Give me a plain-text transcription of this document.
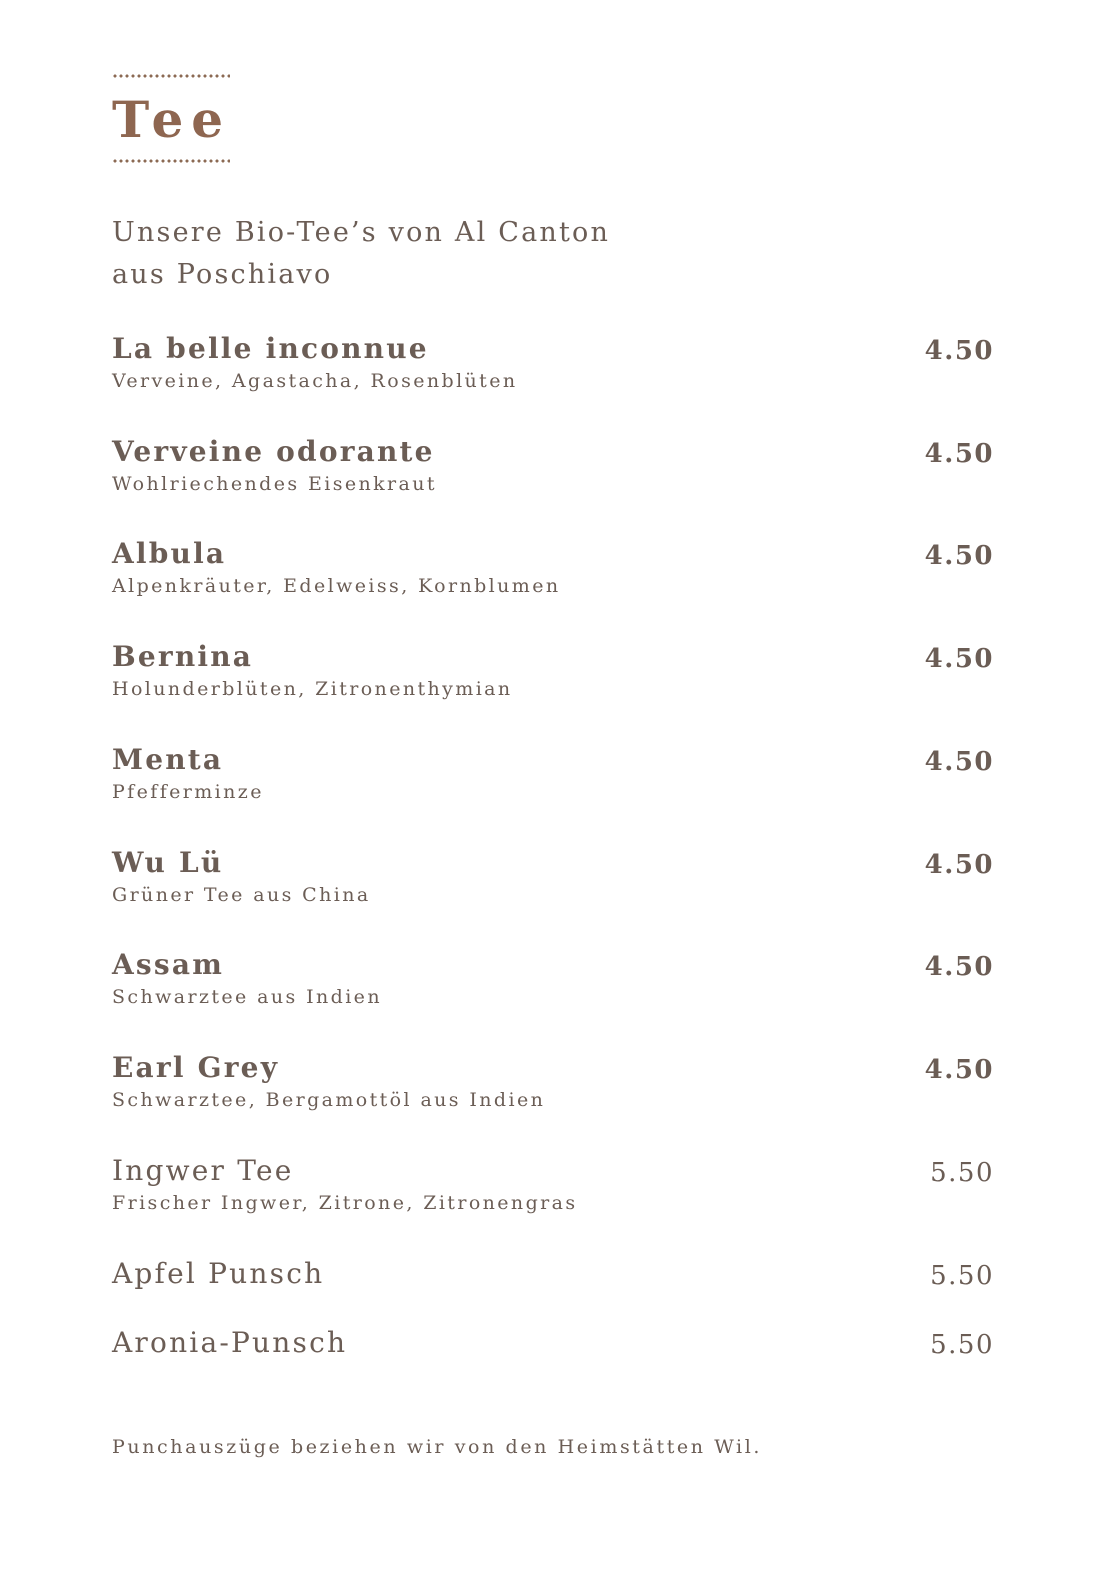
Tee
Unsere Bio-Tee’s von Al Canton
aus Poschiavo
La belle inconnue
Verveine, Agastacha, Rosenblüten
4.50
Verveine odorante
Wohlriechendes Eisenkraut
4.50
Albula
Alpenkräuter, Edelweiss, Kornblumen
4.50
Bernina
Holunderblüten, Zitronenthymian
4.50
Menta
Pfefferminze
4.50
Wu Lü
Grüner Tee aus China
4.50
Assam
Schwarztee aus Indien
4.50
Earl Grey
Schwarztee, Bergamottöl aus Indien
4.50
Ingwer Tee
Frischer Ingwer, Zitrone, Zitronengras
5.50
Apfel Punsch	5.50
Aronia-Punsch	5.50
Punchauszüge beziehen wir von den Heimstätten Wil.
